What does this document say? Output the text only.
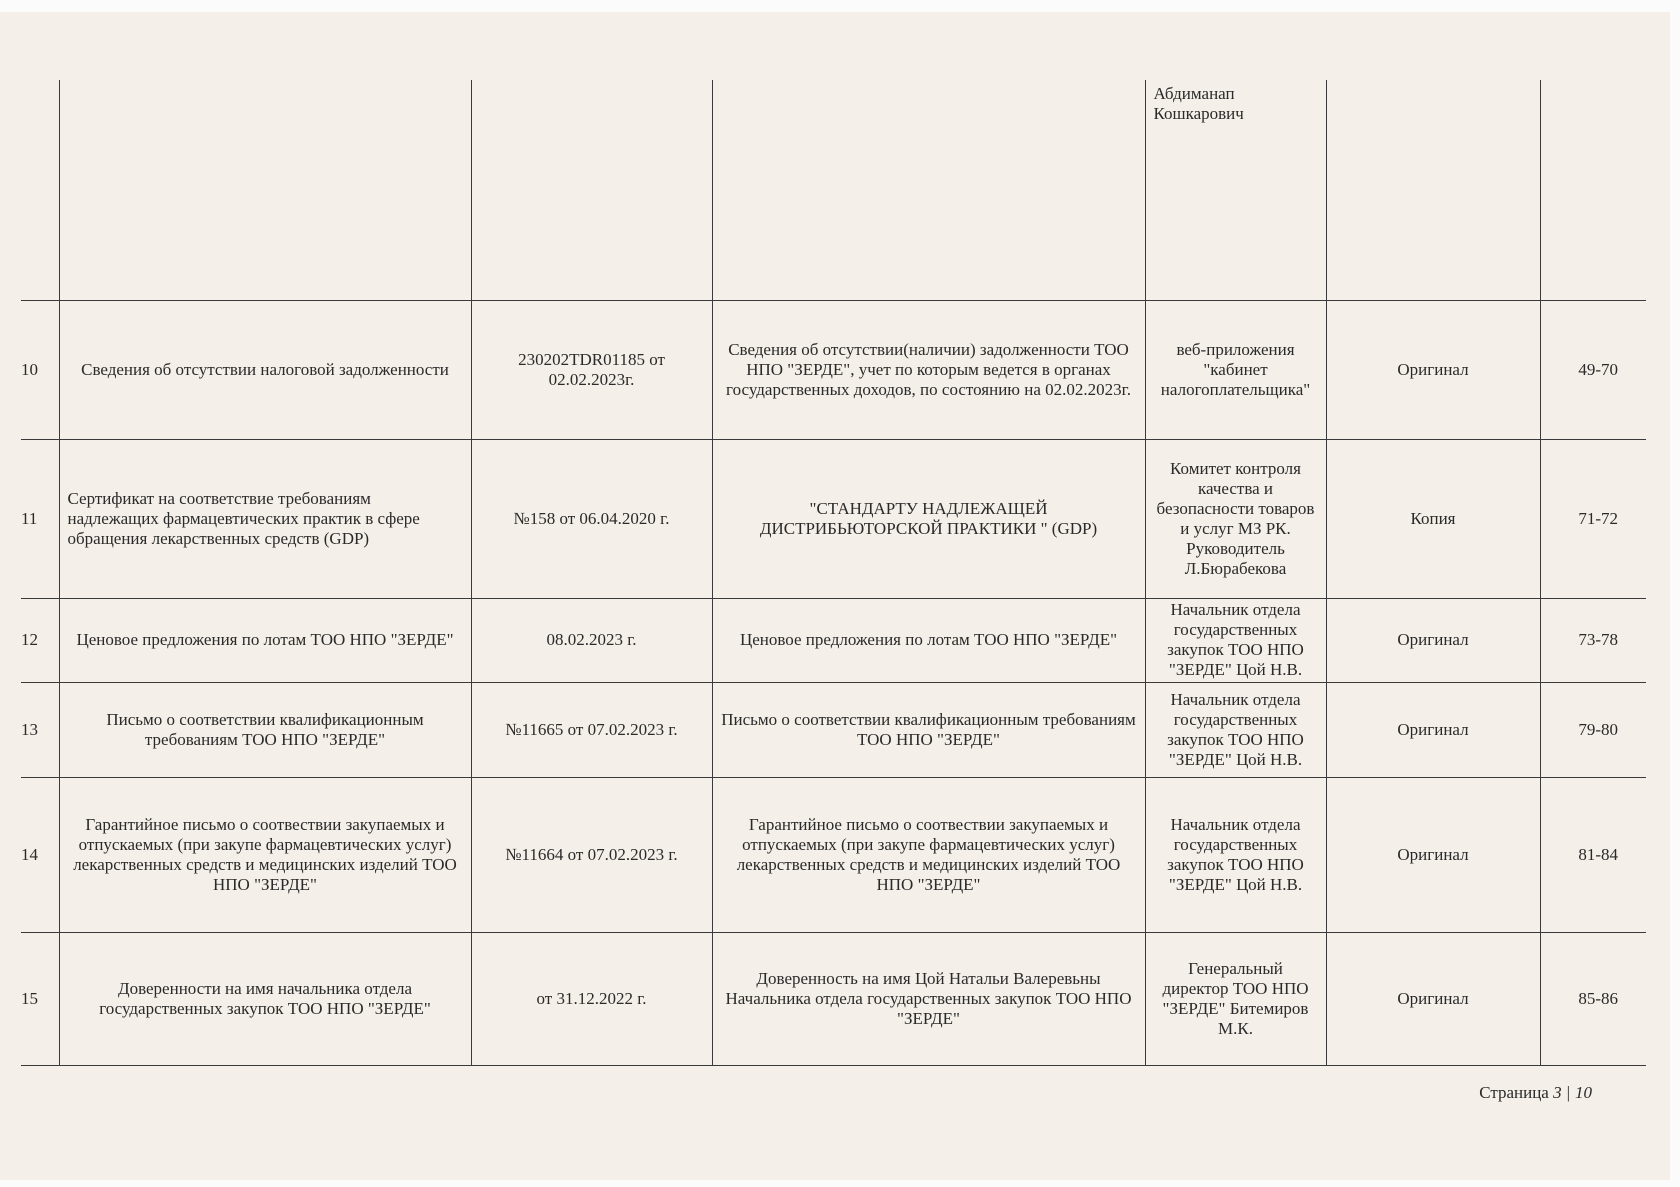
				Абдиманап
Кошкарович		
10	Сведения об отсутствии налоговой задолженности	230202TDR01185 от 02.02.2023г.	Сведения об отсутствии(наличии) задолженности ТОО НПО "ЗЕРДЕ", учет по которым ведется в органах государственных доходов, по состоянию на 02.02.2023г.	веб-приложения "кабинет налогоплательщика"	Оригинал	49-70
11	Сертификат на соответствие требованиям надлежащих фармацевтических практик в сфере обращения лекарственных средств (GDP)	№158 от 06.04.2020 г.	"СТАНДАРТУ НАДЛЕЖАЩЕЙ ДИСТРИБЬЮТОРСКОЙ ПРАКТИКИ " (GDP)	Комитет контроля качества и безопасности товаров и услуг МЗ РК. Руководитель Л.Бюрабекова	Копия	71-72
12	Ценовое предложения по лотам ТОО НПО "ЗЕРДЕ"	08.02.2023 г.	Ценовое предложения по лотам ТОО НПО "ЗЕРДЕ"	Начальник отдела государственных закупок ТОО НПО "ЗЕРДЕ" Цой Н.В.	Оригинал	73-78
13	Письмо о соответствии квалификационным требованиям ТОО НПО "ЗЕРДЕ"	№11665 от 07.02.2023 г.	Письмо о соответствии квалификационным требованиям ТОО НПО "ЗЕРДЕ"	Начальник отдела государственных закупок ТОО НПО "ЗЕРДЕ" Цой Н.В.	Оригинал	79-80
14	Гарантийное письмо о соотвествии закупаемых и отпускаемых (при закупе фармацевтических услуг) лекарственных средств и медицинских изделий ТОО НПО "ЗЕРДЕ"	№11664 от 07.02.2023 г.	Гарантийное письмо о соотвествии закупаемых и отпускаемых (при закупе фармацевтических услуг) лекарственных средств и медицинских изделий ТОО НПО "ЗЕРДЕ"	Начальник отдела государственных закупок ТОО НПО "ЗЕРДЕ" Цой Н.В.	Оригинал	81-84
15	Доверенности на имя начальника отдела государственных закупок ТОО НПО "ЗЕРДЕ"	от 31.12.2022 г.	Доверенность на имя Цой Натальи Валеревьны Начальника отдела государственных закупок ТОО НПО "ЗЕРДЕ"	Генеральный директор ТОО НПО "ЗЕРДЕ" Битемиров М.К.	Оригинал	85-86
Страница 3 | 10
